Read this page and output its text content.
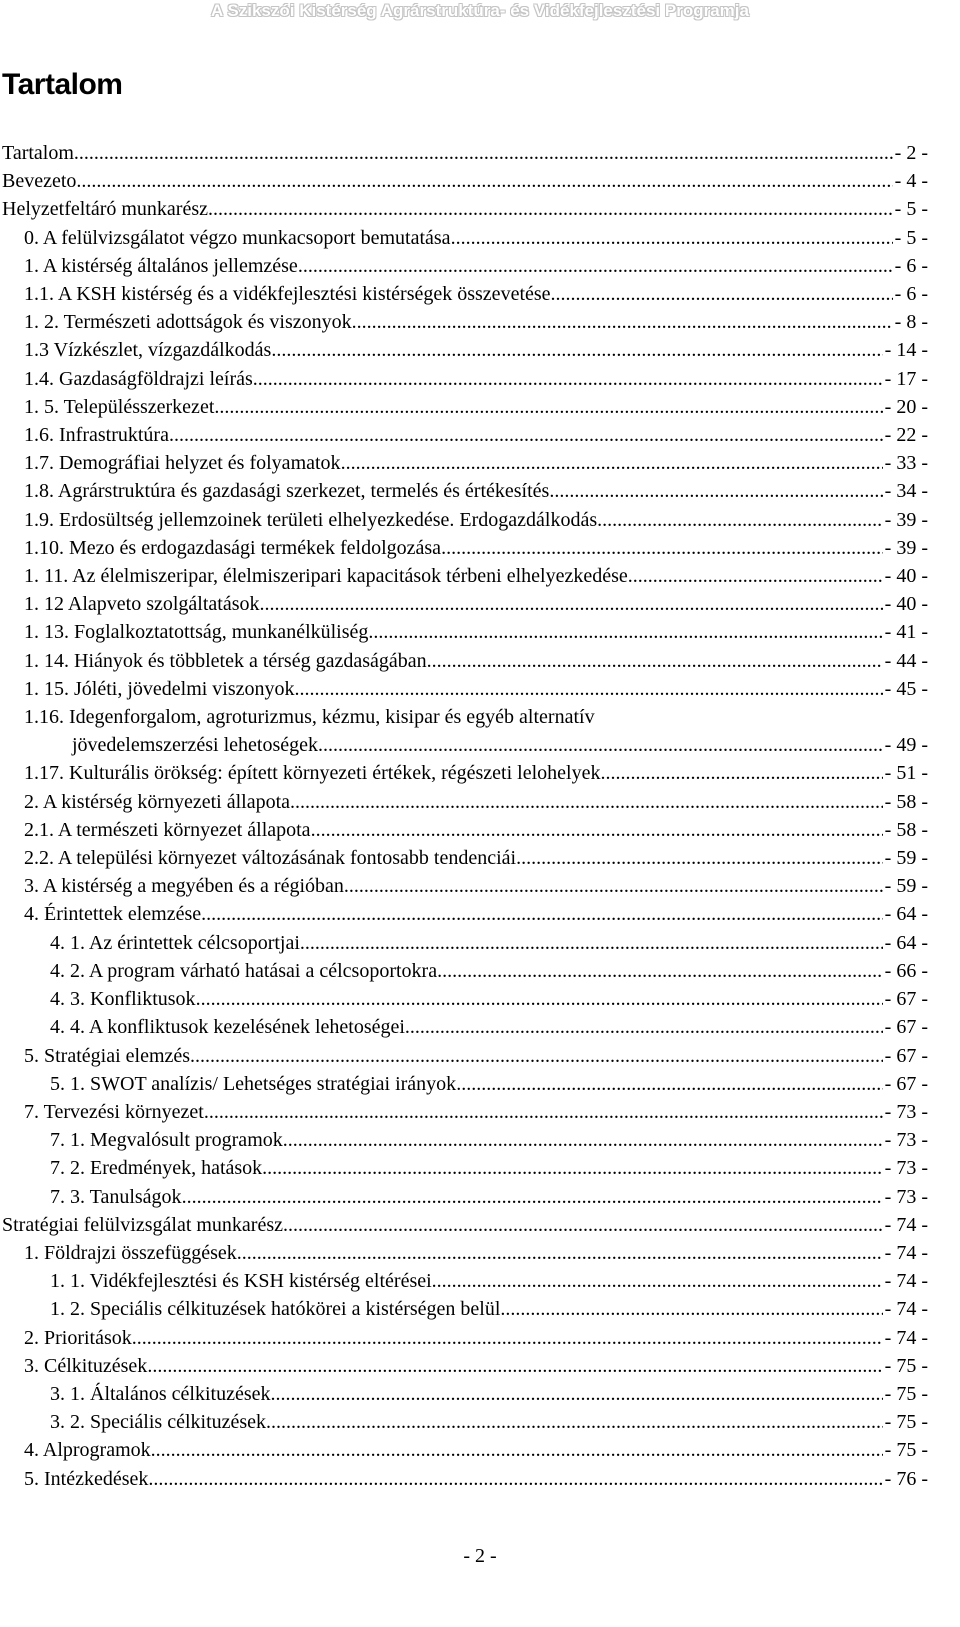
A Szikszói Kistérség Agrárstruktúra- és Vidékfejlesztési Programja
Tartalom
Tartalom .....	- 2 -
Bevezeto .....	- 4 -
Helyzetfeltáró munkarész .....	- 5 -
0. A felülvizsgálatot végzo munkacsoport bemutatása .....	- 5 -
1. A kistérség általános jellemzése .....	- 6 -
1.1. A KSH kistérség és a vidékfejlesztési kistérségek összevetése .....	- 6 -
1. 2. Természeti adottságok és viszonyok .....	- 8 -
1.3 Vízkészlet, vízgazdálkodás .....	- 14 -
1.4. Gazdaságföldrajzi leírás .....	- 17 -
1. 5. Településszerkezet .....	- 20 -
1.6. Infrastruktúra .....	- 22 -
1.7. Demográfiai helyzet és folyamatok .....	- 33 -
1.8. Agrárstruktúra és gazdasági szerkezet, termelés és értékesítés .....	- 34 -
1.9. Erdosültség jellemzoinek területi elhelyezkedése. Erdogazdálkodás .....	- 39 -
1.10. Mezo és erdogazdasági termékek feldolgozása .....	- 39 -
1. 11. Az élelmiszeripar, élelmiszeripari kapacitások térbeni elhelyezkedése .....	- 40 -
1. 12 Alapveto szolgáltatások .....	- 40 -
1. 13. Foglalkoztatottság, munkanélküliség .....	- 41 -
1. 14. Hiányok és többletek a térség gazdaságában .....	- 44 -
1. 15. Jóléti, jövedelmi viszonyok .....	- 45 -
1.16. Idegenforgalom, agroturizmus, kézmu, kisipar és egyéb alternatív
jövedelemszerzési lehetoségek .....	- 49 -
1.17. Kulturális örökség: épített környezeti értékek, régészeti lelohelyek .....	- 51 -
2. A kistérség környezeti állapota .....	- 58 -
2.1. A természeti környezet állapota .....	- 58 -
2.2. A települési környezet változásának fontosabb tendenciái .....	- 59 -
3. A kistérség a megyében és a régióban .....	- 59 -
4. Érintettek elemzése .....	- 64 -
4. 1. Az érintettek célcsoportjai .....	- 64 -
4. 2. A program várható hatásai a célcsoportokra .....	- 66 -
4. 3. Konfliktusok .....	- 67 -
4. 4. A konfliktusok kezelésének lehetoségei .....	- 67 -
5. Stratégiai elemzés .....	- 67 -
5. 1. SWOT analízis/ Lehetséges stratégiai irányok .....	- 67 -
7. Tervezési környezet .....	- 73 -
7. 1. Megvalósult programok .....	- 73 -
7. 2. Eredmények, hatások .....	- 73 -
7. 3. Tanulságok .....	- 73 -
Stratégiai felülvizsgálat munkarész .....	- 74 -
1. Földrajzi összefüggések .....	- 74 -
1. 1. Vidékfejlesztési és KSH kistérség eltérései .....	- 74 -
1. 2. Speciális célkituzések hatókörei a kistérségen belül .....	- 74 -
2. Prioritások .....	- 74 -
3. Célkituzések .....	- 75 -
3. 1. Általános célkituzések .....	- 75 -
3. 2. Speciális célkituzések .....	- 75 -
4. Alprogramok .....	- 75 -
5. Intézkedések .....	- 76 -
- 2 -
